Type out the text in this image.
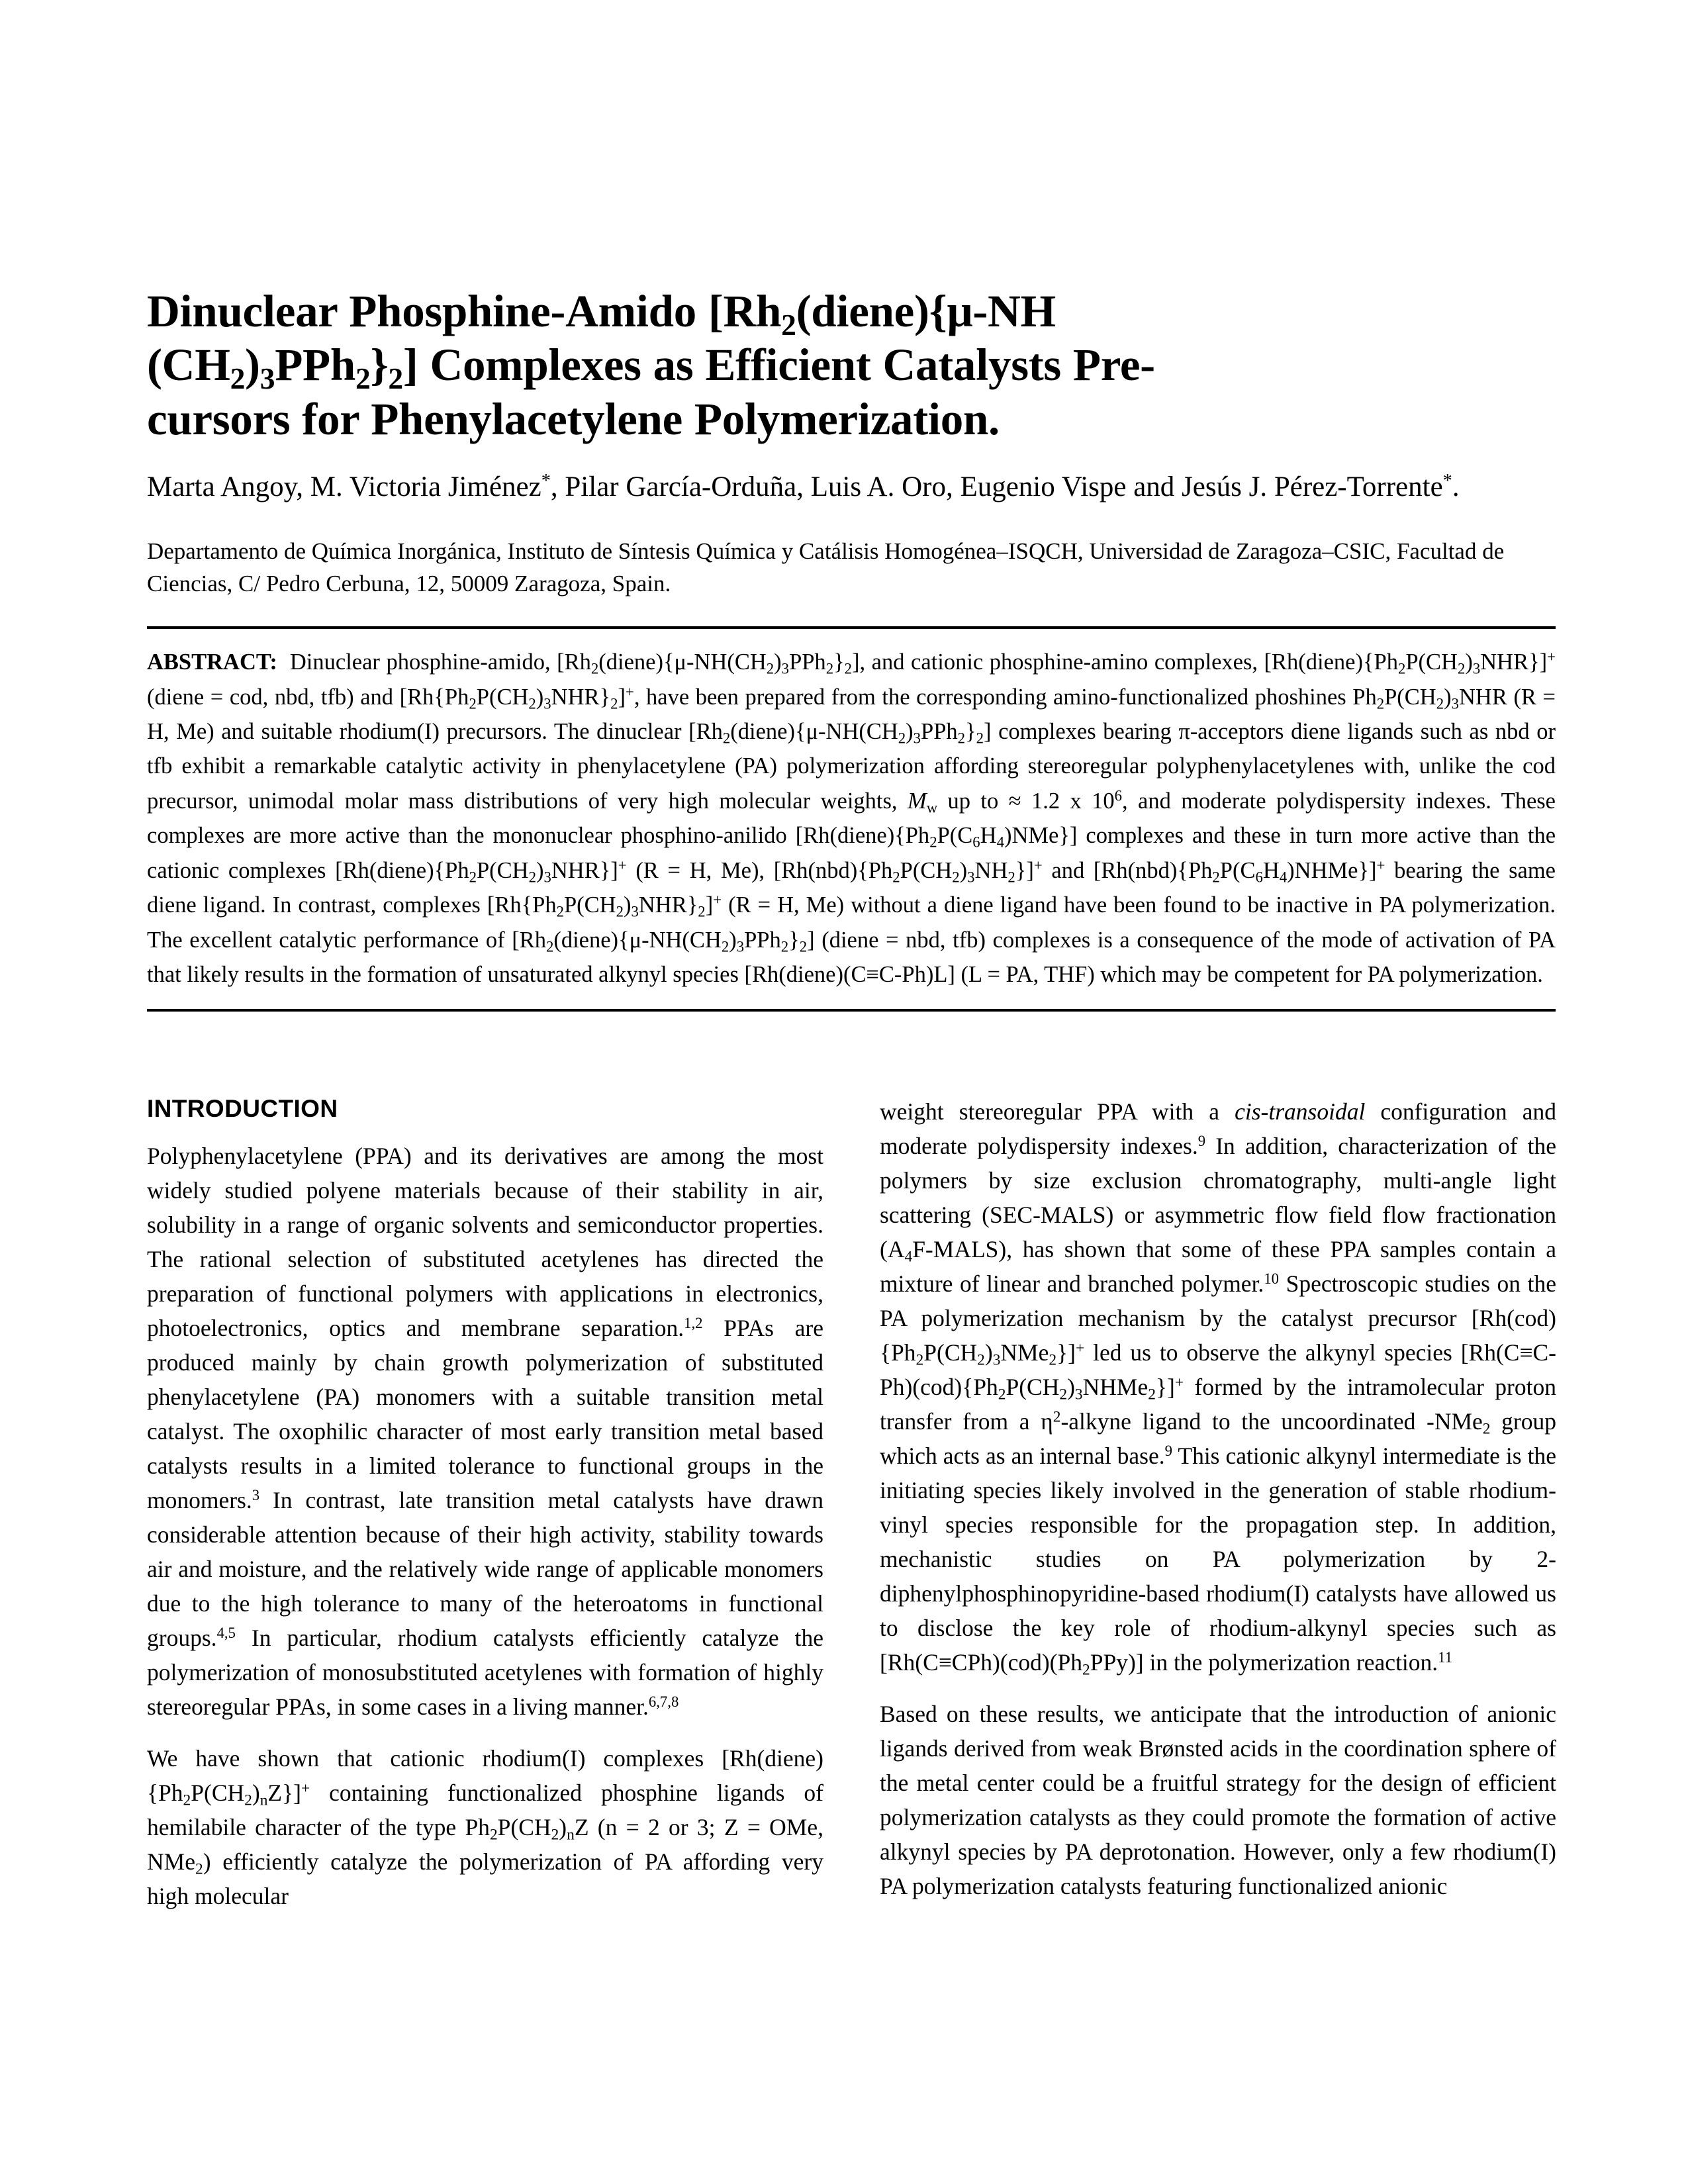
Dinuclear Phosphine-Amido [$Rh_2(diene)\{\mu-NH$
$(CH_2)_3PPh_2\}_2$] Complexes as Efficient Catalysts Pre-
cursors for Phenylacetylene Polymerization.
Marta Angoy, M. Victoria Jiménez*, Pilar García-Orduña, Luis A. Oro, Eugenio Vispe and Jesús J. Pérez-Torrente*.
Departamento de Química Inorgánica, Instituto de Síntesis Química y Catálisis Homogénea–ISQCH, Universidad de Zaragoza–CSIC, Facultad de Ciencias, C/ Pedro Cerbuna, 12, 50009 Zaragoza, Spain.
ABSTRACT:  Dinuclear phosphine-amido, $[Rh_2(diene)\{\mu-NH(CH_2)_3PPh_2\}_2]$, and cationic phosphine-amino complexes, $[Rh(diene)\{Ph_2P(CH_2)_3NHR\}]^+$ (diene = cod, nbd, tfb) and $[Rh\{Ph_2P(CH_2)_3NHR\}_2]^+$, have been prepared from the corresponding amino-functionalized phoshines $Ph_2P(CH_2)_3NHR$ (R = H, Me) and suitable rhodium(I) precursors. The dinuclear $[Rh_2(diene)\{\mu-NH(CH_2)_3PPh_2\}_2]$ complexes bearing π-acceptors diene ligands such as nbd or tfb exhibit a remarkable catalytic activity in phenylacetylene (PA) polymerization affording stereoregular polyphenylacetylenes with, unlike the cod precursor, unimodal molar mass distributions of very high molecular weights, $M_w$ up to ≈ 1.2 x $10^6$, and moderate polydispersity indexes. These complexes are more active than the mononuclear phosphino-anilido $[Rh(diene)\{Ph_2P(C_6H_4)NMe\}]$ complexes and these in turn more active than the cationic complexes $[Rh(diene)\{Ph_2P(CH_2)_3NHR\}]^+$ (R = H, Me), $[Rh(nbd)\{Ph_2P(CH_2)_3NH_2\}]^+$ and $[Rh(nbd)\{Ph_2P(C_6H_4)NHMe\}]^+$ bearing the same diene ligand. In contrast, complexes $[Rh\{Ph_2P(CH_2)_3NHR\}_2]^+$ (R = H, Me) without a diene ligand have been found to be inactive in PA polymerization. The excellent catalytic performance of $[Rh_2(diene)\{\mu-NH(CH_2)_3PPh_2\}_2]$ (diene = nbd, tfb) complexes is a consequence of the mode of activation of PA that likely results in the formation of unsaturated alkynyl species [Rh(diene)(C≡C-Ph)L] (L = PA, THF) which may be competent for PA polymerization.
INTRODUCTION

Polyphenylacetylene (PPA) and its derivatives are among the most widely studied polyene materials because of their stability in air, solubility in a range of organic solvents and semiconductor properties. The rational selection of substituted acetylenes has directed the preparation of functional polymers with applications in electronics, photoelectronics, optics and membrane separation.$^{1,2}$ PPAs are produced mainly by chain growth polymerization of substituted phenylacetylene (PA) monomers with a suitable transition metal catalyst. The oxophilic character of most early transition metal based catalysts results in a limited tolerance to functional groups in the monomers.$^3$ In contrast, late transition metal catalysts have drawn considerable attention because of their high activity, stability towards air and moisture, and the relatively wide range of applicable monomers due to the high tolerance to many of the heteroatoms in functional groups.$^{4,5}$ In particular, rhodium catalysts efficiently catalyze the polymerization of monosubstituted acetylenes with formation of highly stereoregular PPAs, in some cases in a living manner.$^{6,7,8}$

We have shown that cationic rhodium(I) complexes $[Rh(diene)\{Ph_2P(CH_2)_nZ\}]^+$ containing functionalized phosphine ligands of hemilabile character of the type $Ph_2P(CH_2)_nZ$ (n = 2 or 3; Z = OMe, NMe$_2$) efficiently catalyze the polymerization of PA affording very high molecular

weight stereoregular PPA with a cis-transoidal configuration and moderate polydispersity indexes.$^9$ In addition, characterization of the polymers by size exclusion chromatography, multi-angle light scattering (SEC-MALS) or asymmetric flow field flow fractionation $(A_4F-MALS)$, has shown that some of these PPA samples contain a mixture of linear and branched polymer.$^{10}$ Spectroscopic studies on the PA polymerization mechanism by the catalyst precursor $[Rh(cod)\{Ph_2P(CH_2)_3NMe_2\}]^+$ led us to observe the alkynyl species $[Rh(C\equiv C-Ph)(cod)\{Ph_2P(CH_2)_3NHMe_2\}]^+$ formed by the intramolecular proton transfer from a $\eta^2$-alkyne ligand to the uncoordinated -NMe$_2$ group which acts as an internal base.$^9$ This cationic alkynyl intermediate is the initiating species likely involved in the generation of stable rhodium-vinyl species responsible for the propagation step. In addition, mechanistic studies on PA polymerization by 2-diphenylphosphinopyridine-based rhodium(I) catalysts have allowed us to disclose the key role of rhodium-alkynyl species such as $[Rh(C\equiv CPh)(cod)(Ph_2PPy)]$ in the polymerization reaction.$^{11}$

Based on these results, we anticipate that the introduction of anionic ligands derived from weak Brønsted acids in the coordination sphere of the metal center could be a fruitful strategy for the design of efficient polymerization catalysts as they could promote the formation of active alkynyl species by PA deprotonation. However, only a few rhodium(I) PA polymerization catalysts featuring functionalized anionic
